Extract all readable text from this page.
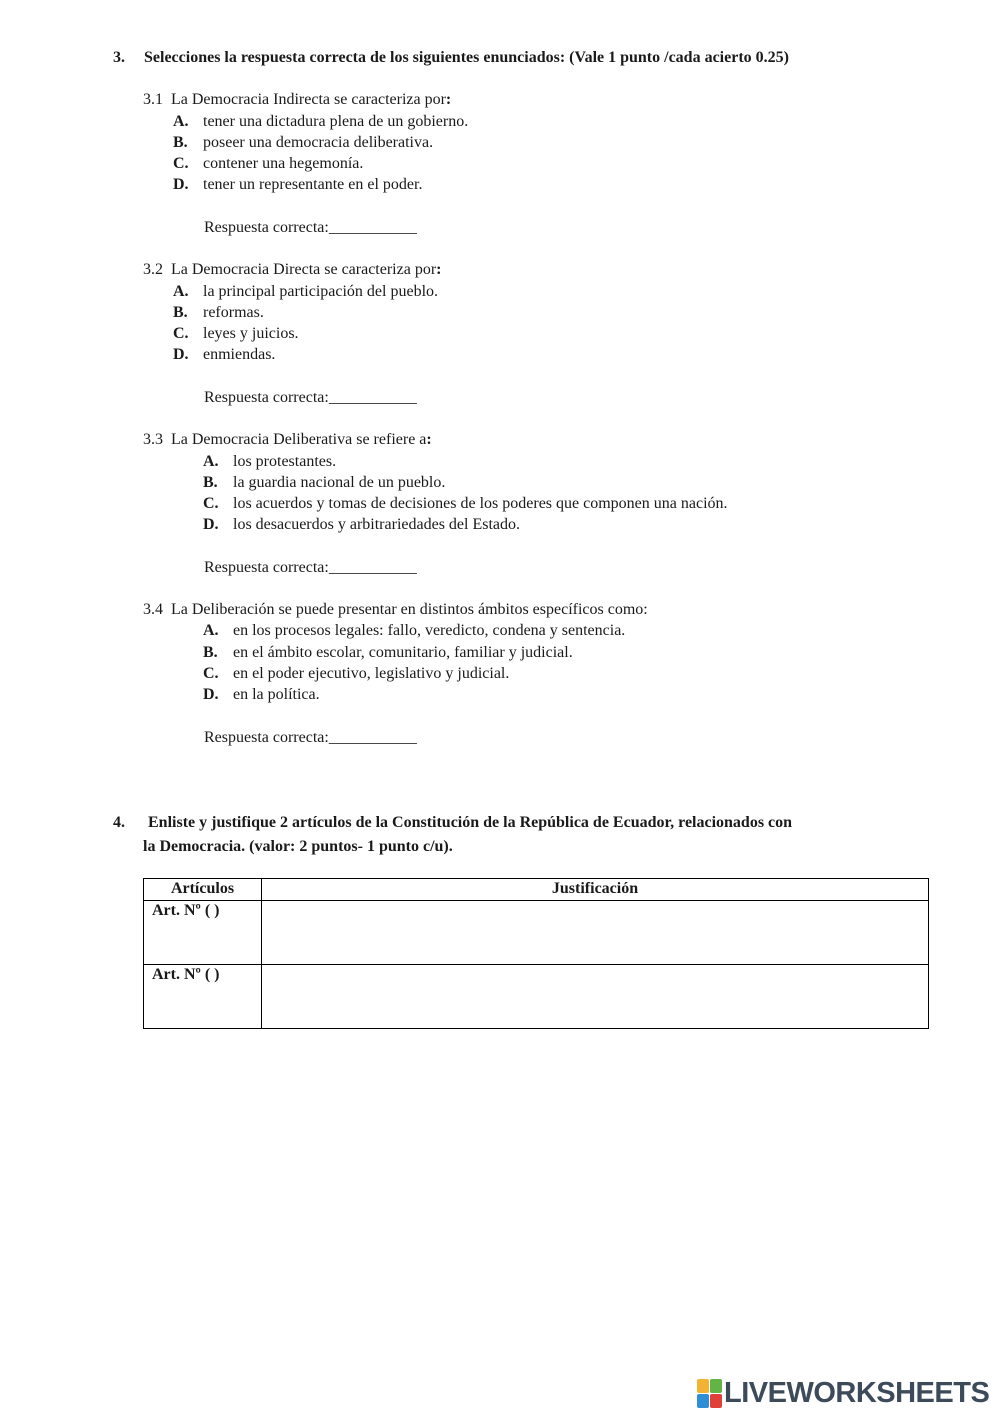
3. Selecciones la respuesta correcta de los siguientes enunciados: (Vale 1 punto /cada acierto 0.25)
3.1 La Democracia Indirecta se caracteriza por:
A. tener una dictadura plena de un gobierno.
B. poseer una democracia deliberativa.
C. contener una hegemonía.
D. tener un representante en el poder.
Respuesta correcta:___________
3.2 La Democracia Directa se caracteriza por:
A. la principal participación del pueblo.
B. reformas.
C. leyes y juicios.
D. enmiendas.
Respuesta correcta:___________
3.3 La Democracia Deliberativa se refiere a:
A. los protestantes.
B. la guardia nacional de un pueblo.
C. los acuerdos y tomas de decisiones de los poderes que componen una nación.
D. los desacuerdos y arbitrariedades del Estado.
Respuesta correcta:___________
3.4 La Deliberación se puede presentar en distintos ámbitos específicos como:
A. en los procesos legales: fallo, veredicto, condena y sentencia.
B. en el ámbito escolar, comunitario, familiar y judicial.
C. en el poder ejecutivo, legislativo y judicial.
D. en la política.
Respuesta correcta:___________
4. Enliste y justifique 2 artículos de la Constitución de la República de Ecuador, relacionados con
la Democracia. (valor: 2 puntos- 1 punto c/u).
Artículos	Justificación
Art. Nº ( )	
Art. Nº ( )	
LIVEWORKSHEETS
